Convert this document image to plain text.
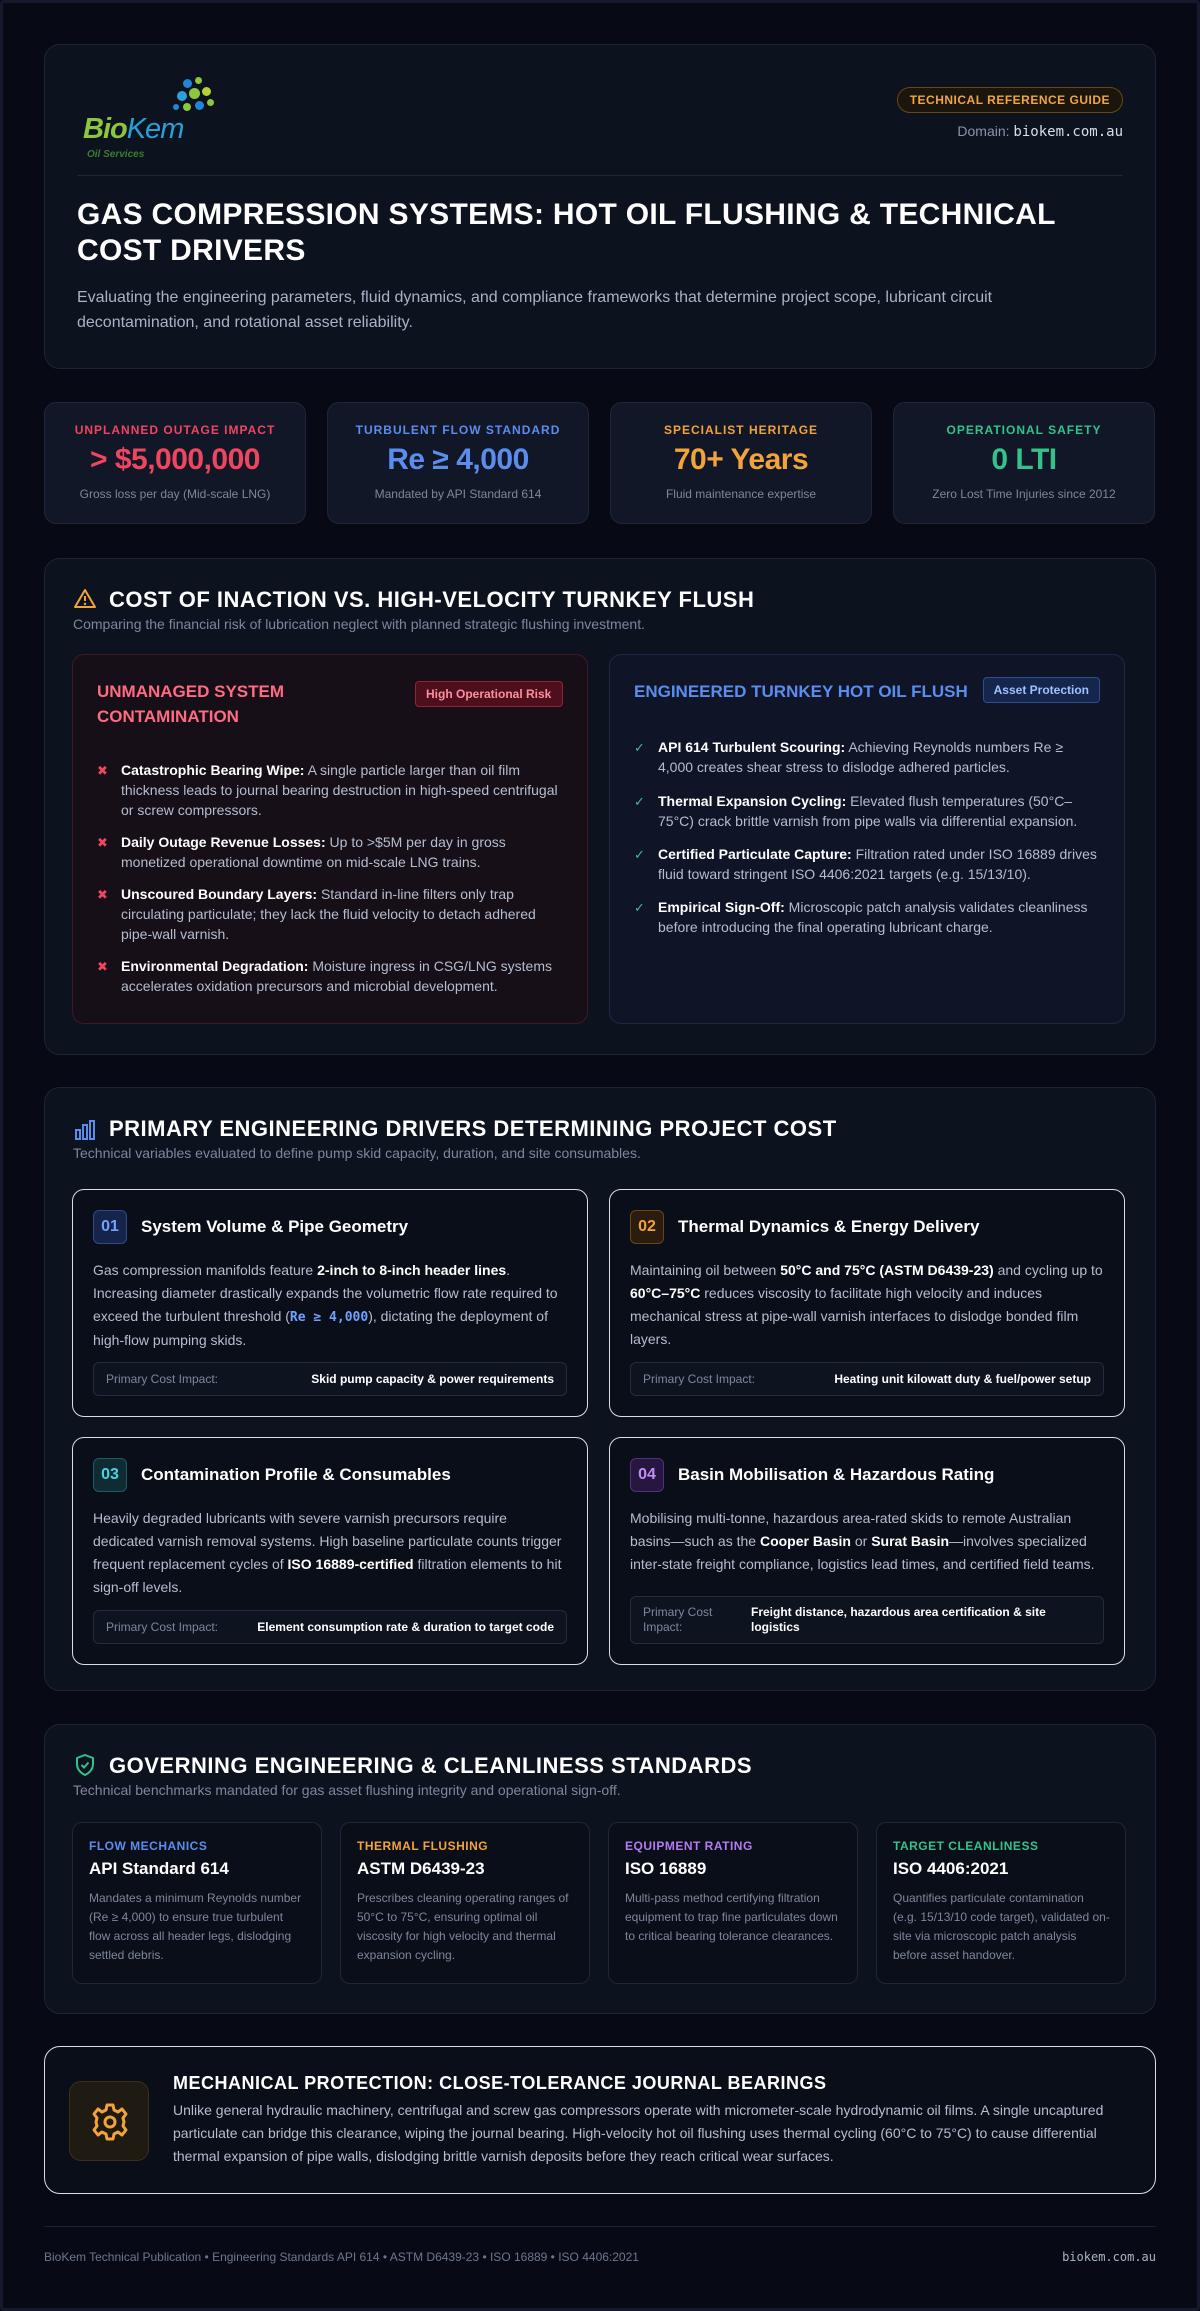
BioKem
Oil Services
TECHNICAL REFERENCE GUIDE
Domain: biokem.com.au
GAS COMPRESSION SYSTEMS: HOT OIL FLUSHING & TECHNICAL COST DRIVERS

Evaluating the engineering parameters, fluid dynamics, and compliance frameworks that determine project scope, lubricant circuit decontamination, and rotational asset reliability.

UNPLANNED OUTAGE IMPACT
> $5,000,000
Gross loss per day (Mid-scale LNG)
TURBULENT FLOW STANDARD
Re ≥ 4,000
Mandated by API Standard 614
SPECIALIST HERITAGE
70+ Years
Fluid maintenance expertise
OPERATIONAL SAFETY
0 LTI
Zero Lost Time Injuries since 2012
COST OF INACTION VS. HIGH-VELOCITY TURNKEY FLUSH

Comparing the financial risk of lubrication neglect with planned strategic flushing investment.

UNMANAGED SYSTEM CONTAMINATION
High Operational Risk
✖ Catastrophic Bearing Wipe: A single particle larger than oil film thickness leads to journal bearing destruction in high-speed centrifugal or screw compressors.
✖ Daily Outage Revenue Losses: Up to >$5M per day in gross monetized operational downtime on mid-scale LNG trains.
✖ Unscoured Boundary Layers: Standard in-line filters only trap circulating particulate; they lack the fluid velocity to detach adhered pipe-wall varnish.
✖ Environmental Degradation: Moisture ingress in CSG/LNG systems accelerates oxidation precursors and microbial development.
ENGINEERED TURNKEY HOT OIL FLUSH	Asset Protection
✓ API 614 Turbulent Scouring: Achieving Reynolds numbers Re ≥ 4,000 creates shear stress to dislodge adhered particles.
✓ Thermal Expansion Cycling: Elevated flush temperatures (50°C–75°C) crack brittle varnish from pipe walls via differential expansion.
✓ Certified Particulate Capture: Filtration rated under ISO 16889 drives fluid toward stringent ISO 4406:2021 targets (e.g. 15/13/10).
✓ Empirical Sign-Off: Microscopic patch analysis validates cleanliness before introducing the final operating lubricant charge.
PRIMARY ENGINEERING DRIVERS DETERMINING PROJECT COST

Technical variables evaluated to define pump skid capacity, duration, and site consumables.

01	System Volume & Pipe Geometry
Gas compression manifolds feature 2-inch to 8-inch header lines. Increasing diameter drastically expands the volumetric flow rate required to exceed the turbulent threshold (Re ≥ 4,000), dictating the deployment of high-flow pumping skids.
Primary Cost Impact:	Skid pump capacity & power requirements
02	Thermal Dynamics & Energy Delivery
Maintaining oil between 50°C and 75°C (ASTM D6439-23) and cycling up to 60°C–75°C reduces viscosity to facilitate high velocity and induces mechanical stress at pipe-wall varnish interfaces to dislodge bonded film layers.
Primary Cost Impact:	Heating unit kilowatt duty & fuel/power setup
03	Contamination Profile & Consumables
Heavily degraded lubricants with severe varnish precursors require dedicated varnish removal systems. High baseline particulate counts trigger frequent replacement cycles of ISO 16889-certified filtration elements to hit sign-off levels.
Primary Cost Impact:	Element consumption rate & duration to target code
04	Basin Mobilisation & Hazardous Rating
Mobilising multi-tonne, hazardous area-rated skids to remote Australian basins—such as the Cooper Basin or Surat Basin—involves specialized inter-state freight compliance, logistics lead times, and certified field teams.
Primary Cost Impact:
Freight distance, hazardous area certification & site logistics
GOVERNING ENGINEERING & CLEANLINESS STANDARDS

Technical benchmarks mandated for gas asset flushing integrity and operational sign-off.

FLOW MECHANICS
API Standard 614
Mandates a minimum Reynolds number (Re ≥ 4,000) to ensure true turbulent flow across all header legs, dislodging settled debris.
THERMAL FLUSHING
ASTM D6439-23
Prescribes cleaning operating ranges of 50°C to 75°C, ensuring optimal oil viscosity for high velocity and thermal expansion cycling.
EQUIPMENT RATING
ISO 16889
Multi-pass method certifying filtration equipment to trap fine particulates down to critical bearing tolerance clearances.
TARGET CLEANLINESS
ISO 4406:2021
Quantifies particulate contamination (e.g. 15/13/10 code target), validated on-site via microscopic patch analysis before asset handover.
MECHANICAL PROTECTION: CLOSE-TOLERANCE JOURNAL BEARINGS

Unlike general hydraulic machinery, centrifugal and screw gas compressors operate with micrometer-scale hydrodynamic oil films. A single uncaptured particulate can bridge this clearance, wiping the journal bearing. High-velocity hot oil flushing uses thermal cycling (60°C to 75°C) to cause differential thermal expansion of pipe walls, dislodging brittle varnish deposits before they reach critical wear surfaces.

BioKem Technical Publication • Engineering Standards API 614 • ASTM D6439-23 • ISO 16889 • ISO 4406:2021	biokem.com.au
